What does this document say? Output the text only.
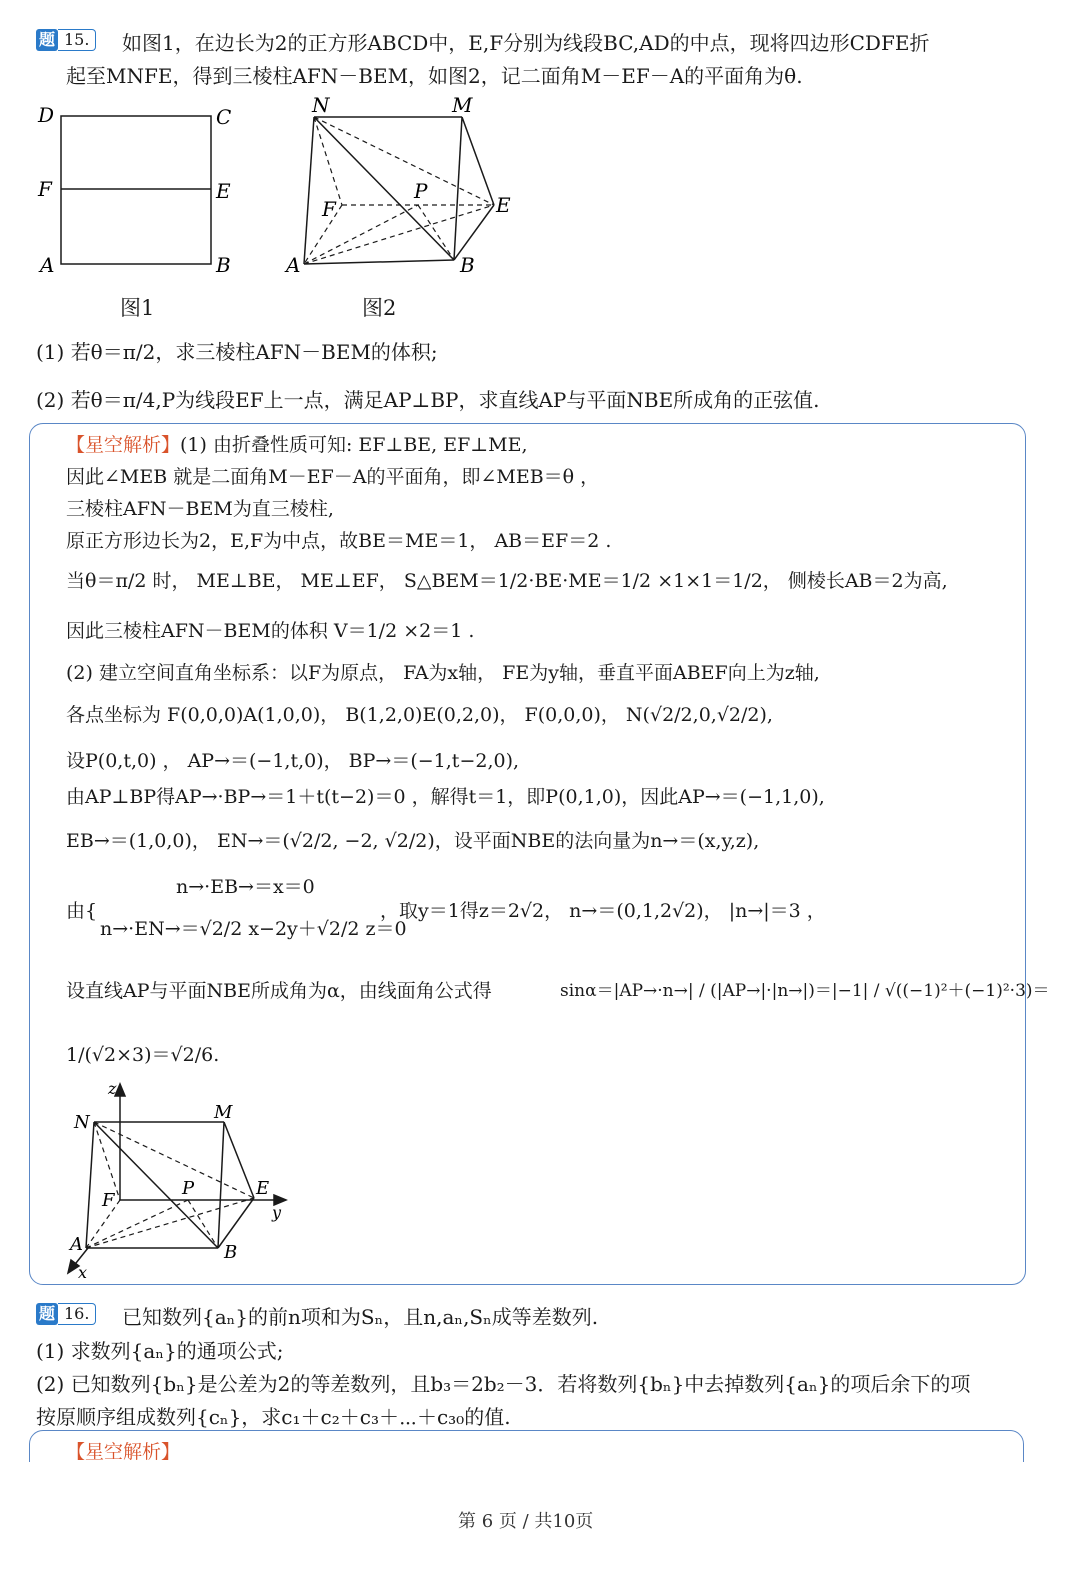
题 15.	如图1，在边长为2的正方形ABCD中，E,F分别为线段BC,AD的中点，现将四边形CDFE折
起至MNFE，得到三棱柱AFN－BEM，如图2，记二面角M－EF－A的平面角为θ.
D	C
F	E
A	B
图1
N	M
P
F	E
A	B
图2
(1) 若θ＝π/2，求三棱柱AFN－BEM的体积;
(2) 若θ＝π/4,P为线段EF上一点，满足AP⊥BP，求直线AP与平面NBE所成角的正弦值.
【星空解析】(1) 由折叠性质可知: EF⊥BE, EF⊥ME,
因此∠MEB 就是二面角M－EF－A的平面角，即∠MEB＝θ ，
三棱柱AFN－BEM为直三棱柱,
原正方形边长为2，E,F为中点，故BE＝ME＝1， AB＝EF＝2 .
当θ＝π/2 时， ME⊥BE， ME⊥EF， S△BEM＝1/2·BE·ME＝1/2 ×1×1＝1/2， 侧棱长AB＝2为高,
因此三棱柱AFN－BEM的体积 V＝1/2 ×2＝1 .
(2) 建立空间直角坐标系：以F为原点， FA为x轴， FE为y轴，垂直平面ABEF向上为z轴,
各点坐标为 F(0,0,0)A(1,0,0)， B(1,2,0)E(0,2,0)， F(0,0,0)， N(√2/2,0,√2/2),
设P(0,t,0) ， AP→＝(−1,t,0)， BP→＝(−1,t−2,0),
由AP⊥BP得AP→·BP→＝1＋t(t−2)＝0 ，解得t＝1，即P(0,1,0)，因此AP→＝(−1,1,0),
EB→＝(1,0,0)， EN→＝(√2/2, −2, √2/2)，设平面NBE的法向量为n→＝(x,y,z),
n→·EB→＝x＝0
由{
n→·EN→＝√2/2 x−2y＋√2/2 z＝0
，取y＝1得z＝2√2， n→＝(0,1,2√2)， |n→|＝3 ，
设直线AP与平面NBE所成角为α，由线面角公式得	sinα＝|AP→·n→| / (|AP→|·|n→|)＝|−1| / √((−1)²＋(−1)²·3)＝
1/(√2×3)＝√2/6.
z
N	M
F
P	E
y
A	B
x
题 16.	已知数列{aₙ}的前n项和为Sₙ，且n,aₙ,Sₙ成等差数列.
(1) 求数列{aₙ}的通项公式;
(2) 已知数列{bₙ}是公差为2的等差数列，且b₃＝2b₂－3．若将数列{bₙ}中去掉数列{aₙ}的项后余下的项
按原顺序组成数列{cₙ}，求c₁＋c₂＋c₃＋⋯＋c₃₀的值.
【星空解析】
第 6 页 / 共10页
